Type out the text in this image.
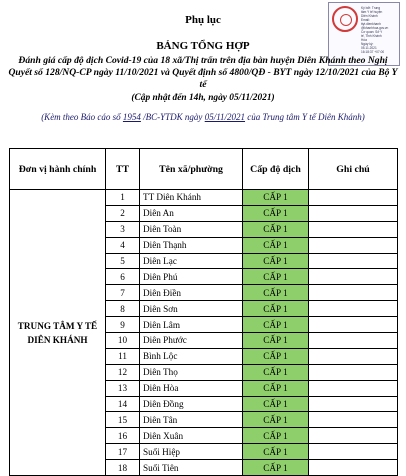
Ký bởi: Trung
tâm Y tế huyện
Diên Khánh
Email:
ttyt.dienkhanh
@khanhhoa.gov.vn
Cơ quan: Sở Y
tế, Tỉnh Khánh
Hòa
Ngày ký:
05.11.2021
16:18:37 +07:00
Phụ lục
BẢNG TỔNG HỢP
Đánh giá cấp độ dịch Covid-19 của 18 xã/Thị trấn trên địa bàn huyện Diên Khánh theo Nghị Quyết số 128/NQ-CP ngày 11/10/2021 và Quyết định số 4800/QĐ - BYT ngày 12/10/2021 của Bộ Y tế
(Cập nhật đến 14h, ngày 05/11/2021)
(Kèm theo Báo cáo số 1954 /BC-YTDK ngày 05/11/2021 của Trung tâm Y tế Diên Khánh)
Đơn vị hành chính	TT	Tên xã/phường	Cấp độ dịch	Ghi chú
TRUNG TÂM Y TẾ DIÊN KHÁNH	1	TT Diên Khánh	CẤP 1	
	2	Diên An	CẤP 1	
	3	Diên Toàn	CẤP 1	
	4	Diên Thạnh	CẤP 1	
	5	Diên Lạc	CẤP 1	
	6	Diên Phú	CẤP 1	
	7	Diên Điền	CẤP 1	
	8	Diên Sơn	CẤP 1	
	9	Diên Lâm	CẤP 1	
	10	Diên Phước	CẤP 1	
	11	Bình Lộc	CẤP 1	
	12	Diên Thọ	CẤP 1	
	13	Diên Hòa	CẤP 1	
	14	Diên Đồng	CẤP 1	
	15	Diên Tân	CẤP 1	
	16	Diên Xuân	CẤP 1	
	17	Suối Hiệp	CẤP 1	
	18	Suối Tiên	CẤP 1	
